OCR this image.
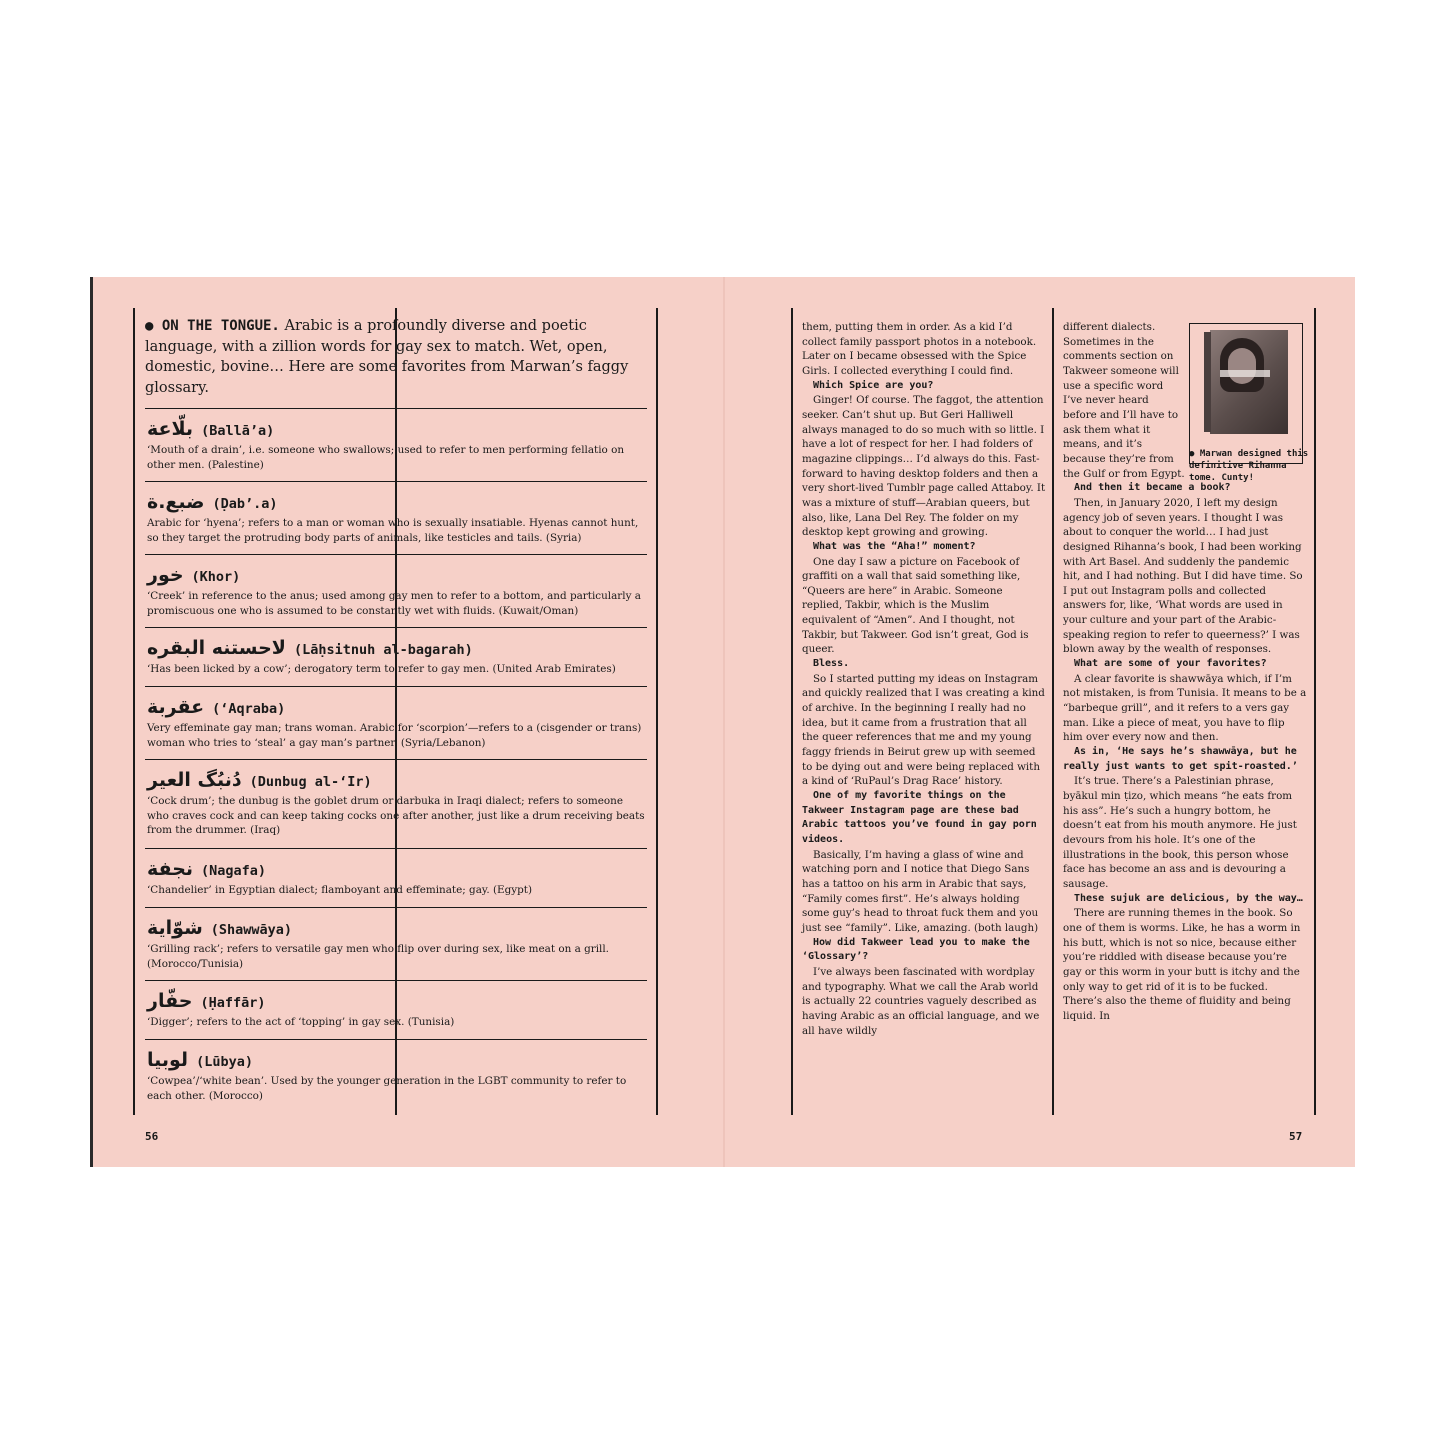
● ON THE TONGUE. Arabic is a profoundly diverse and poetic language, with a zillion words for gay sex to match. Wet, open, domestic, bovine… Here are some favorites from Marwan’s faggy glossary.

بلّاعة (Ballā’a)
‘Mouth of a drain’, i.e. someone who swallows; used to refer to men performing fellatio on other men. (Palestine)
ضبع.ة (Ḍab’.a)
Arabic for ‘hyena’; refers to a man or woman who is sexually insatiable. Hyenas cannot hunt, so they target the protruding body parts of animals, like testicles and tails. (Syria)
خور (Khor)
‘Creek’ in reference to the anus; used among gay men to refer to a bottom, and particularly a promiscuous one who is assumed to be constantly wet with fluids. (Kuwait/Oman)
لاحستنه البقره (Lāḥsitnuh al-bagarah)
‘Has been licked by a cow’; derogatory term to refer to gay men. (United Arab Emirates)
عقربة (‘Aqraba)
Very effeminate gay man; trans woman. Arabic for ‘scorpion’—refers to a (cisgender or trans) woman who tries to ‘steal’ a gay man’s partner. (Syria/Lebanon)
دُنبُگ العير (Dunbug al-‘Ir)
‘Cock drum’; the dunbug is the goblet drum or darbuka in Iraqi dialect; refers to someone who craves cock and can keep taking cocks one after another, just like a drum receiving beats from the drummer. (Iraq)
نجفة (Nagafa)
‘Chandelier’ in Egyptian dialect; flamboyant and effeminate; gay. (Egypt)
شوّاية (Shawwāya)
‘Grilling rack’; refers to versatile gay men who flip over during sex, like meat on a grill. (Morocco/Tunisia)
حفّار (Ḥaffār)
‘Digger’; refers to the act of ‘topping’ in gay sex. (Tunisia)
لوبيا (Lūbya)
‘Cowpea’/‘white bean’. Used by the younger generation in the LGBT community to refer to each other. (Morocco)
56

them, putting them in order. As a kid I’d collect family passport photos in a notebook. Later on I became obsessed with the Spice Girls. I collected everything I could find.

Which Spice are you?

Ginger! Of course. The faggot, the attention seeker. Can’t shut up. But Geri Halliwell always managed to do so much with so little. I have a lot of respect for her. I had folders of magazine clippings… I’d always do this. Fast-forward to having desktop folders and then a very short-lived Tumblr page called Attaboy. It was a mixture of stuff—Arabian queers, but also, like, Lana Del Rey. The folder on my desktop kept growing and growing.

What was the “Aha!” moment?

One day I saw a picture on Facebook of graffiti on a wall that said something like, “Queers are here” in Arabic. Someone replied, Takbir, which is the Muslim equivalent of “Amen”. And I thought, not Takbir, but Takweer. God isn’t great, God is queer.

Bless.

So I started putting my ideas on Instagram and quickly realized that I was creating a kind of archive. In the beginning I really had no idea, but it came from a frustration that all the queer references that me and my young faggy friends in Beirut grew up with seemed to be dying out and were being replaced with a kind of ‘RuPaul’s Drag Race’ history.

One of my favorite things on the Takweer Instagram page are these bad Arabic tattoos you’ve found in gay porn videos.

Basically, I’m having a glass of wine and watching porn and I notice that Diego Sans has a tattoo on his arm in Arabic that says, “Family comes first”. He’s always holding some guy’s head to throat fuck them and you just see “family”. Like, amazing. (both laugh)

How did Takweer lead you to make the ‘Glossary’?

I’ve always been fascinated with wordplay and typography. What we call the Arab world is actually 22 countries vaguely described as having Arabic as an official language, and we all have wildly

different dialects. Sometimes in the comments section on Takweer someone will use a specific word I’ve never heard before and I’ll have to ask them what it means, and it’s because they’re from the Gulf or from Egypt.

And then it became a book?

Then, in January 2020, I left my design agency job of seven years. I thought I was about to conquer the world… I had just designed Rihanna’s book, I had been working with Art Basel. And suddenly the pandemic hit, and I had nothing. But I did have time. So I put out Instagram polls and collected answers for, like, ‘What words are used in your culture and your part of the Arabic-speaking region to refer to queerness?’ I was blown away by the wealth of responses.

What are some of your favorites?

A clear favorite is shawwāya which, if I’m not mistaken, is from Tunisia. It means to be a “barbeque grill”, and it refers to a vers gay man. Like a piece of meat, you have to flip him over every now and then.

As in, ‘He says he’s shawwāya, but he really just wants to get spit-roasted.’

It’s true. There’s a Palestinian phrase, byākul min ṭizo, which means “he eats from his ass”. He’s such a hungry bottom, he doesn’t eat from his mouth anymore. He just devours from his hole. It’s one of the illustrations in the book, this person whose face has become an ass and is devouring a sausage.

These sujuk are delicious, by the way…

There are running themes in the book. So one of them is worms. Like, he has a worm in his butt, which is not so nice, because either you’re riddled with disease because you’re gay or this worm in your butt is itchy and the only way to get rid of it is to be fucked. There’s also the theme of fluidity and being liquid. In

● Marwan designed this definitive Rihanna tome. Cunty!
57
